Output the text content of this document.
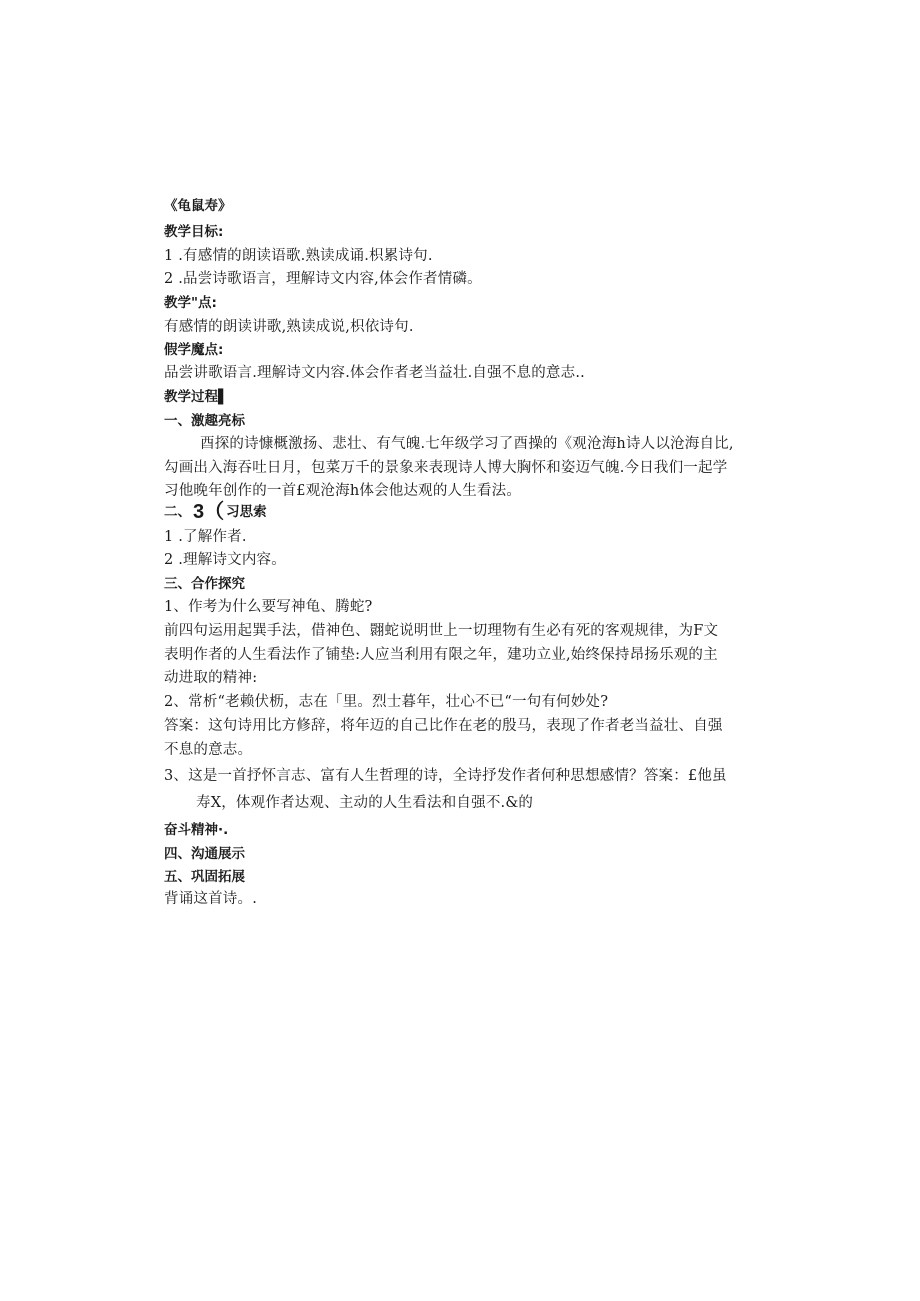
《龟鼠寿》
教学目标:
1 .有感情的朗读语歌.熟读成诵.枳累诗句.
2 .品尝诗歌语言，理解诗文内容,体会作者情磷。
教学"点:
有感情的朗读讲歌,熟读成说,枳依诗句.
假学魔点:
品尝讲歌语言.理解诗文内容.体会作者老当益壮.自强不息的意志..
教学过程▌
一、激趣亮标
酉探的诗慷概激扬、悲壮、有气魄.七年级学习了酉操的《观沧海h诗人以沧海自比,
勾画出入海吞吐日月，包菜万千的景象来表现诗人博大胸怀和姿迈气魄.今日我们一起学
习他晚年创作的一首£观沧海h体会他达观的人生看法。
二、 3（ 习思索
1 .了解作者.
2 .理解诗文内容。
三、合作探究
1、作考为什么要写神龟、腾蛇?
前四句运用起巽手法，借神色、翾蛇说明世上一切理物有生必有死的客观规律，为F文
表明作者的人生看法作了铺垫:人应当利用有限之年，建功立业,始终保持昂扬乐观的主
动进取的精神:
2、常析“老赖伏枥，志在「里。烈士暮年，壮心不已“一句有何妙处?
答案：这句诗用比方修辞，将年迈的自己比作在老的殷马，表现了作者老当益壮、自强
不息的意志。
3、这是一首抒怀言志、富有人生哲理的诗，全诗抒发作者何种思想感情？答案：£他虽
寿X，体观作者达观、主动的人生看法和自强不.&的
奋斗精神·.
四、沟通展示
五、巩固拓展
背诵这首诗。.
